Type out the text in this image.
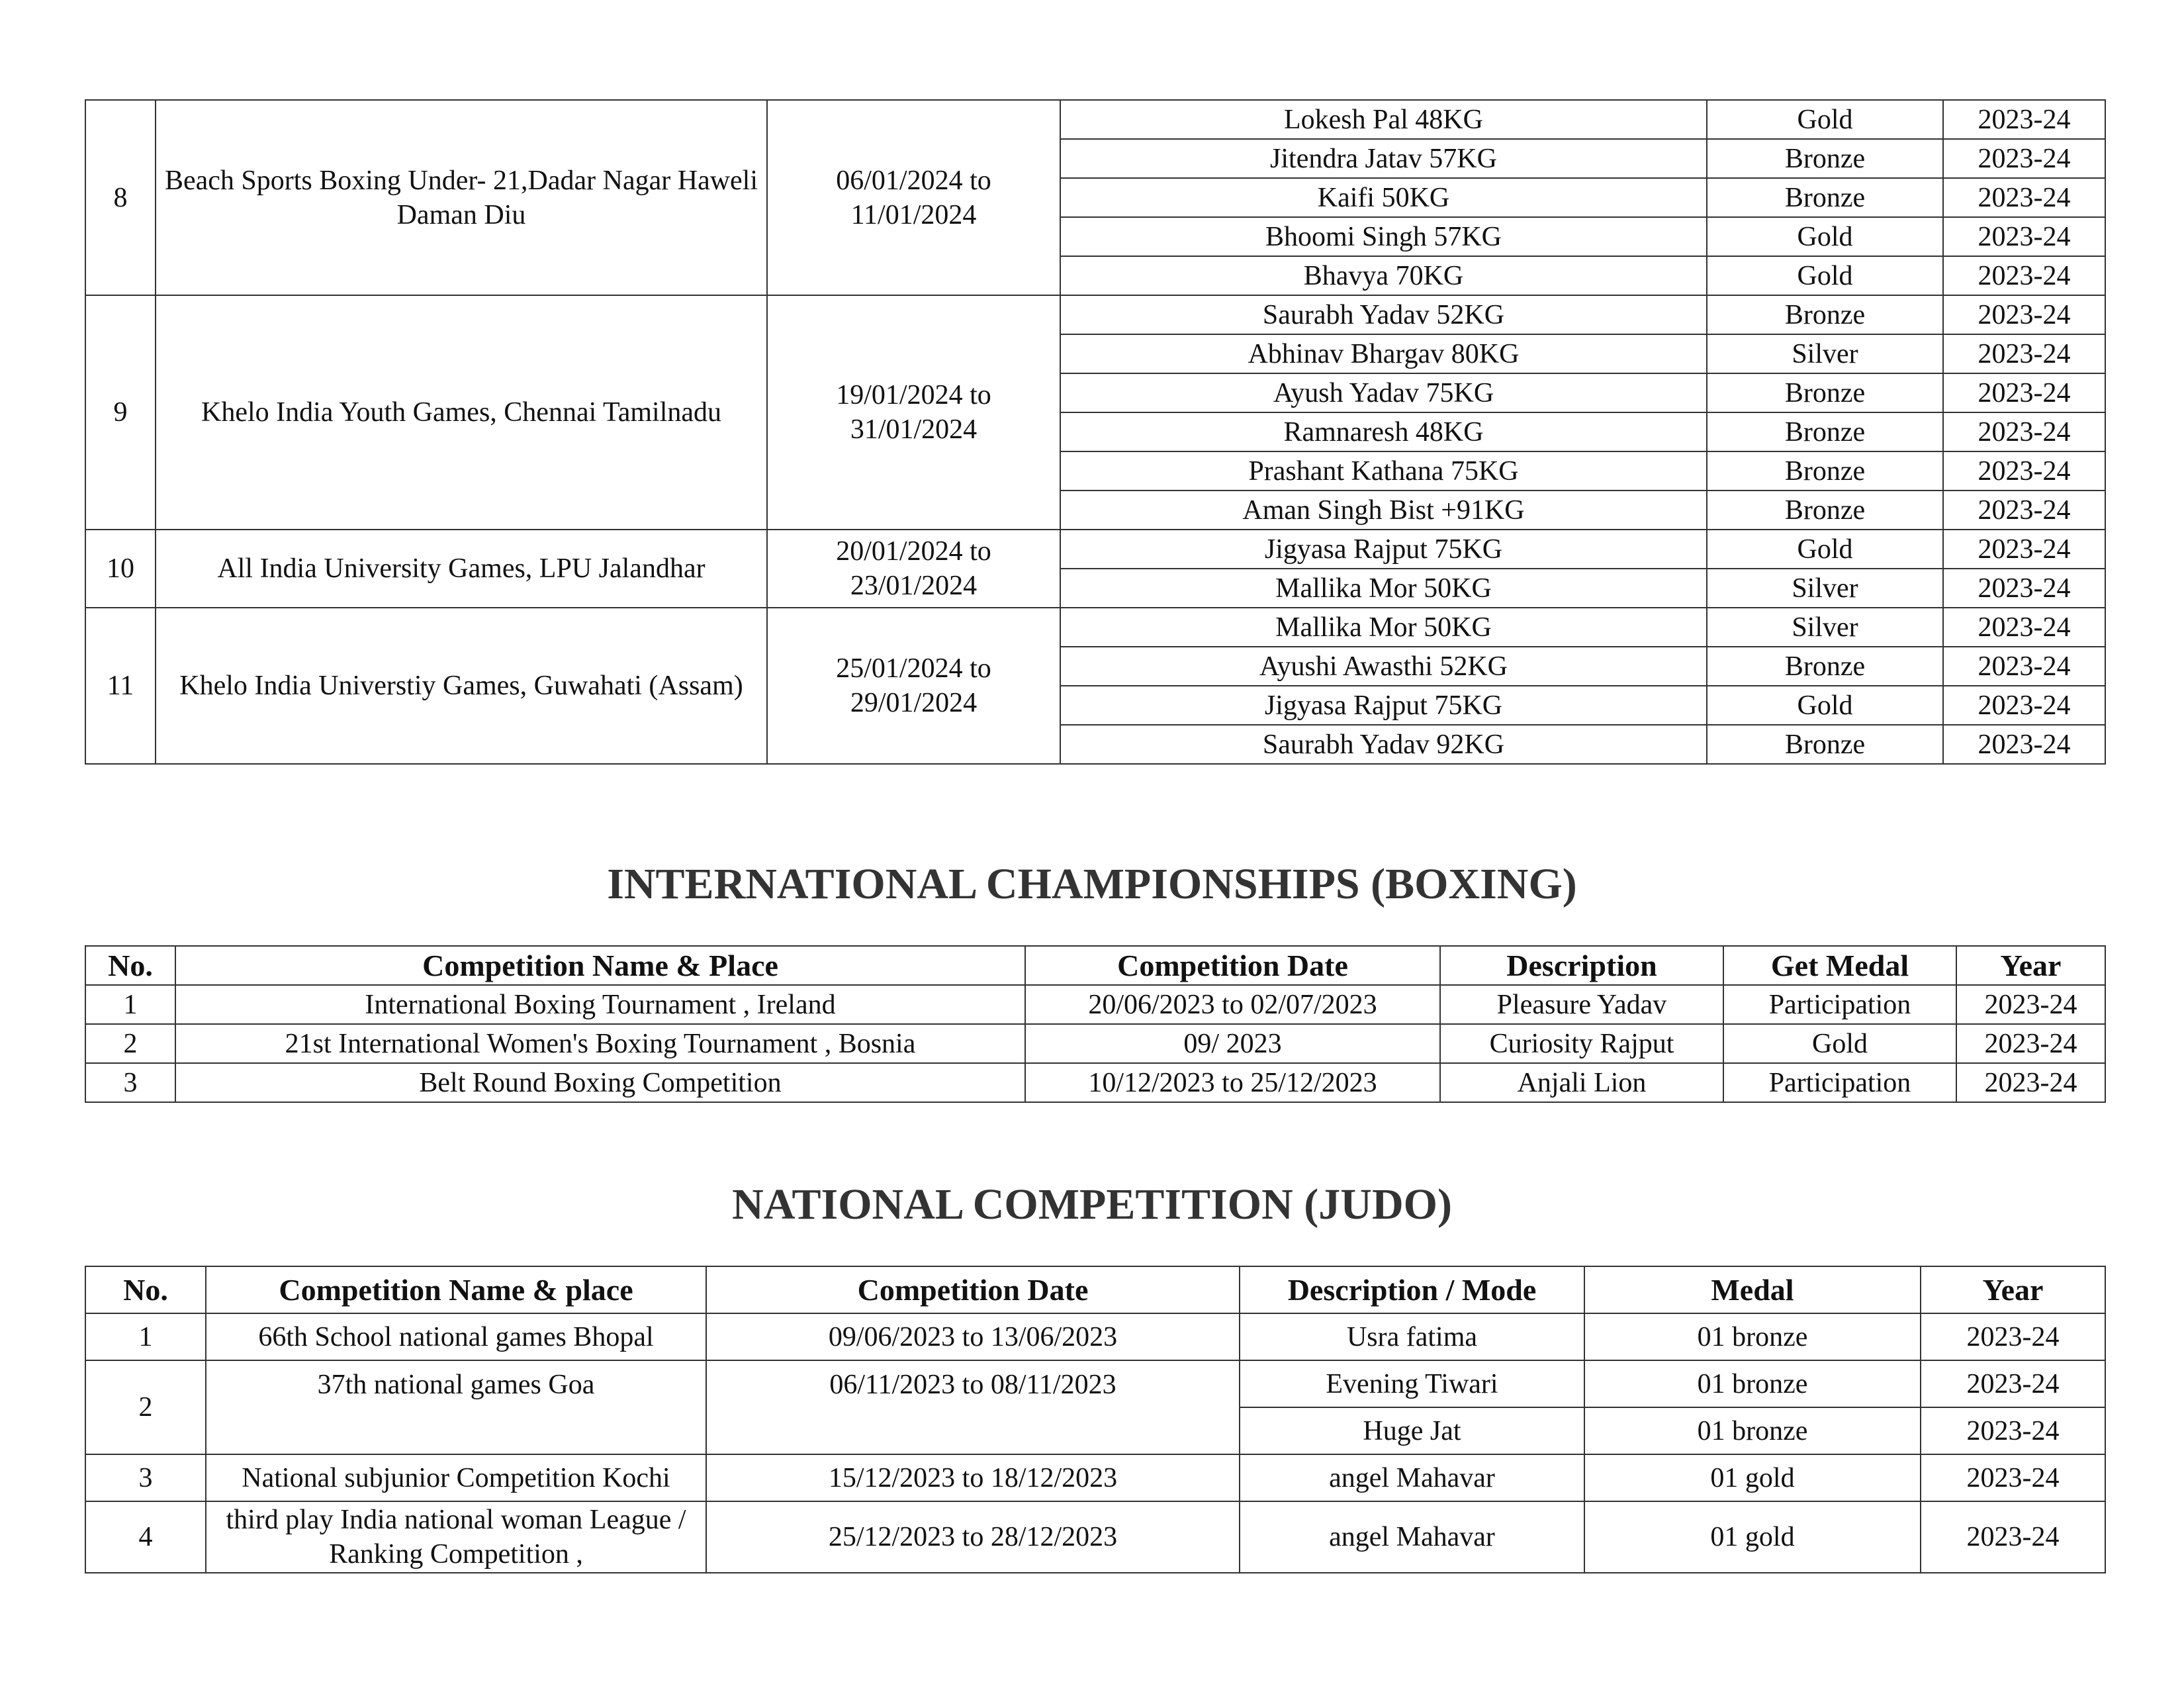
8	Beach Sports Boxing Under- 21,Dadar Nagar Haweli Daman Diu	06/01/2024 to 11/01/2024	Lokesh Pal 48KG	Gold	2023-24
			Jitendra Jatav 57KG	Bronze	2023-24
			Kaifi 50KG	Bronze	2023-24
			Bhoomi Singh 57KG	Gold	2023-24
			Bhavya 70KG	Gold	2023-24
9	Khelo India Youth Games, Chennai Tamilnadu	19/01/2024 to 31/01/2024	Saurabh Yadav 52KG	Bronze	2023-24
			Abhinav Bhargav 80KG	Silver	2023-24
			Ayush Yadav 75KG	Bronze	2023-24
			Ramnaresh 48KG	Bronze	2023-24
			Prashant Kathana 75KG	Bronze	2023-24
			Aman Singh Bist +91KG	Bronze	2023-24
10	All India University Games, LPU Jalandhar	20/01/2024 to 23/01/2024	Jigyasa Rajput 75KG	Gold	2023-24
			Mallika Mor 50KG	Silver	2023-24
11	Khelo India Universtiy Games, Guwahati (Assam)	25/01/2024 to 29/01/2024	Mallika Mor 50KG	Silver	2023-24
			Ayushi Awasthi 52KG	Bronze	2023-24
			Jigyasa Rajput 75KG	Gold	2023-24
			Saurabh Yadav 92KG	Bronze	2023-24
INTERNATIONAL CHAMPIONSHIPS (BOXING)
No.	Competition Name & Place	Competition Date	Description	Get Medal	Year
1	International Boxing Tournament , Ireland	20/06/2023 to 02/07/2023	Pleasure Yadav	Participation	2023-24
2	21st International Women's Boxing Tournament , Bosnia	09/ 2023	Curiosity Rajput	Gold	2023-24
3	Belt Round Boxing Competition	10/12/2023 to 25/12/2023	Anjali Lion	Participation	2023-24
NATIONAL COMPETITION (JUDO)
No.	Competition Name & place	Competition Date	Description / Mode	Medal	Year
1	66th School national games Bhopal	09/06/2023 to 13/06/2023	Usra fatima	01 bronze	2023-24
2	37th national games Goa	06/11/2023 to 08/11/2023	Evening Tiwari	01 bronze	2023-24
			Huge Jat	01 bronze	2023-24
3	National subjunior Competition Kochi	15/12/2023 to 18/12/2023	angel Mahavar	01 gold	2023-24
4	third play India national woman League / Ranking Competition ,	25/12/2023 to 28/12/2023	angel Mahavar	01 gold	2023-24
